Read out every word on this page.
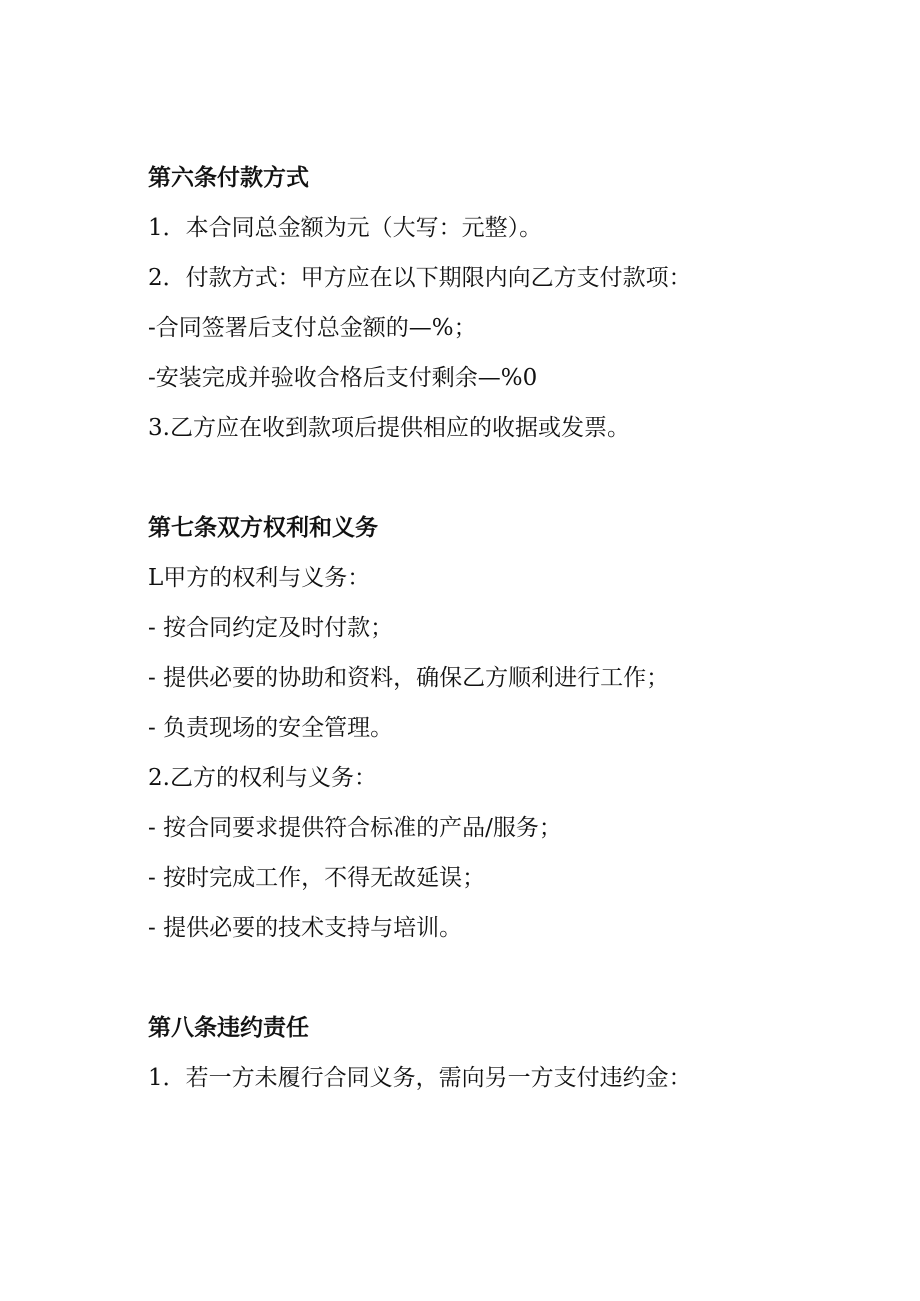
第六条付款方式
1．本合同总金额为元（大写：元整）。
2．付款方式：甲方应在以下期限内向乙方支付款项：
-合同签署后支付总金额的—%；
-安装完成并验收合格后支付剩余—%0
3.乙方应在收到款项后提供相应的收据或发票。
第七条双方权利和义务
L甲方的权利与义务：
- 按合同约定及时付款；
- 提供必要的协助和资料，确保乙方顺利进行工作；
- 负责现场的安全管理。
2.乙方的权利与义务：
- 按合同要求提供符合标准的产品/服务；
- 按时完成工作，不得无故延误；
- 提供必要的技术支持与培训。
第八条违约责任
1．若一方未履行合同义务，需向另一方支付违约金：
